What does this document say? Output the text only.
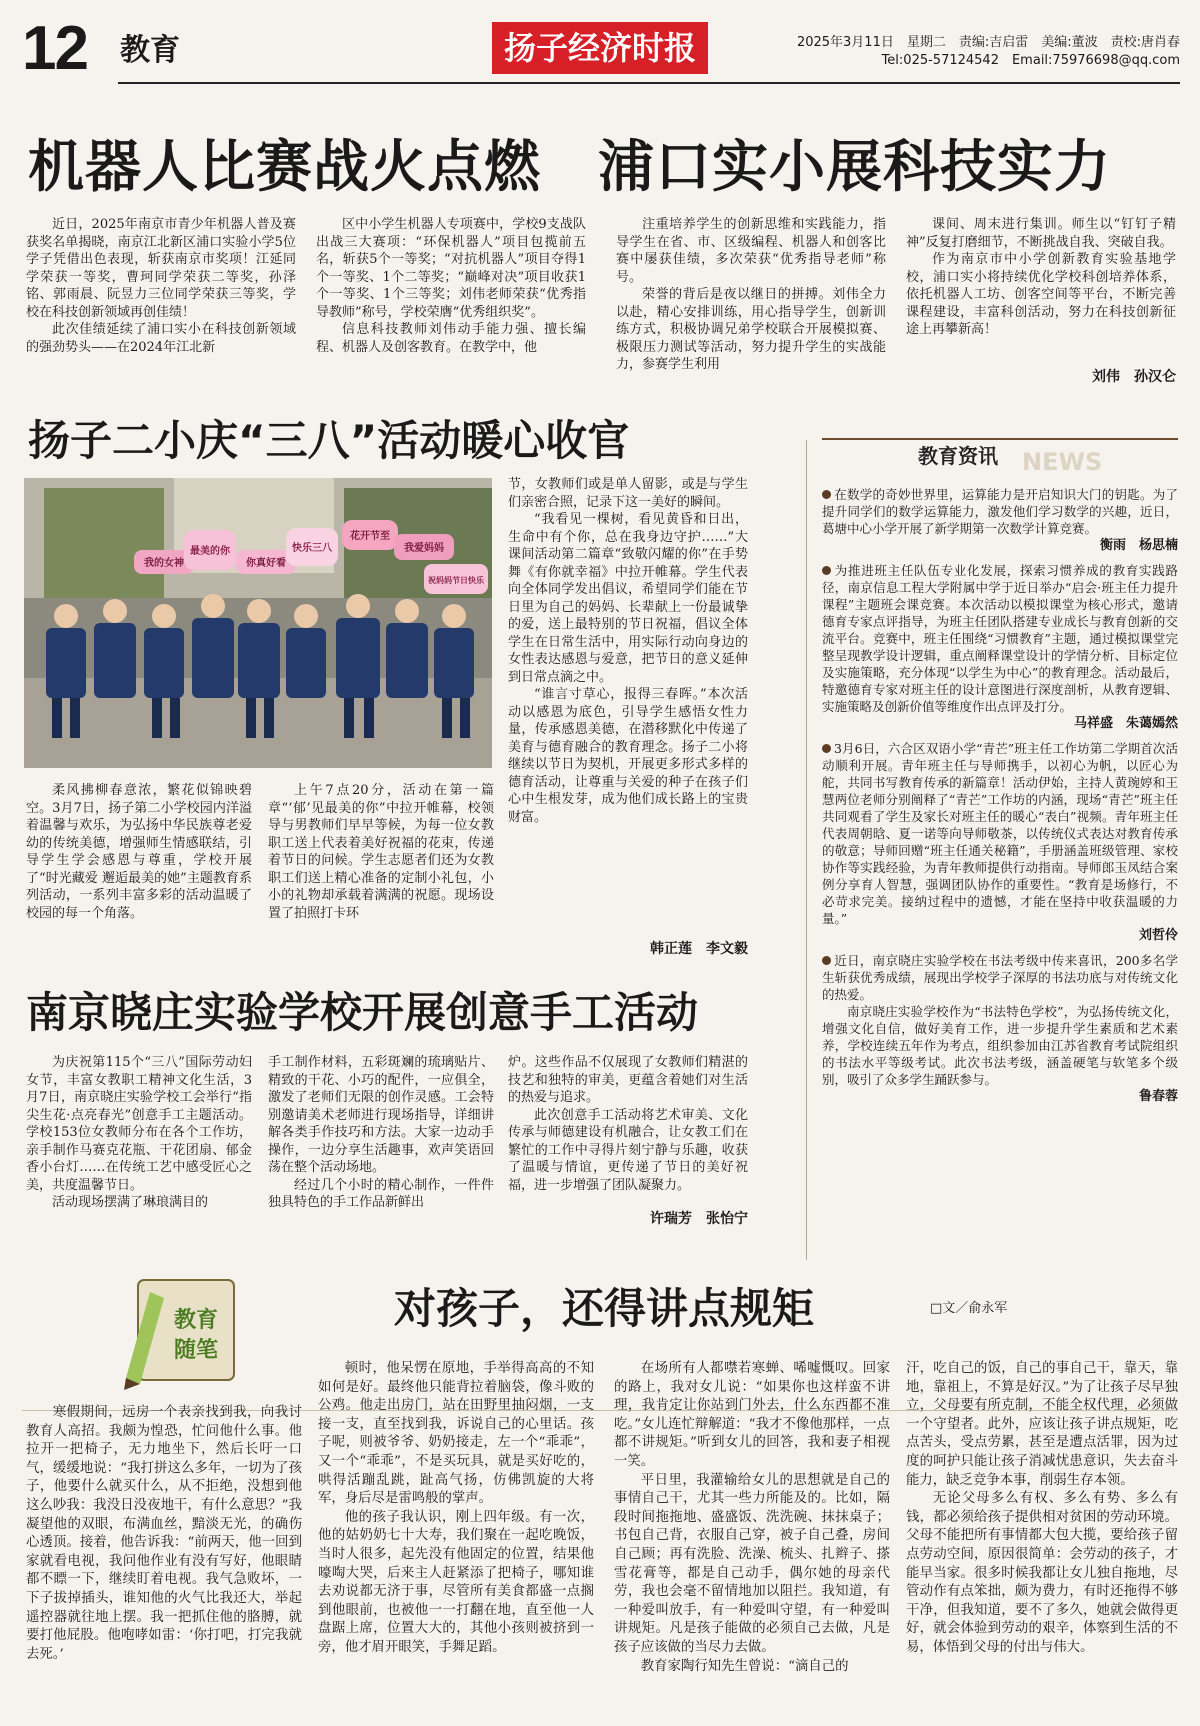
12 教育	扬子经济时报	2025年3月11日　星期二　责编:吉启雷　美编:董波　责校:唐肖春
Tel:025-57124542　Email:75976698@qq.com
机器人比赛战火点燃　浦口实小展科技实力

近日，2025年南京市青少年机器人普及赛获奖名单揭晓，南京江北新区浦口实验小学5位学子凭借出色表现，斩获南京市奖项！江延同学荣获一等奖，曹珂同学荣获二等奖，孙泽铭、郭雨晨、阮昱力三位同学荣获三等奖，学校在科技创新领域再创佳绩！

此次佳绩延续了浦口实小在科技创新领域的强劲势头——在2024年江北新

区中小学生机器人专项赛中，学校9支战队出战三大赛项：“环保机器人”项目包揽前五名，斩获5个一等奖；“对抗机器人”项目夺得1个一等奖、1个二等奖；“巅峰对决”项目收获1个一等奖、1个三等奖；刘伟老师荣获“优秀指导教师”称号，学校荣膺“优秀组织奖”。

信息科技教师刘伟动手能力强、擅长编程、机器人及创客教育。在教学中，他

注重培养学生的创新思维和实践能力，指导学生在省、市、区级编程、机器人和创客比赛中屡获佳绩，多次荣获“优秀指导老师”称号。

荣誉的背后是夜以继日的拼搏。刘伟全力以赴，精心安排训练，用心指导学生，创新训练方式，积极协调兄弟学校联合开展模拟赛、极限压力测试等活动，努力提升学生的实战能力，参赛学生利用

课间、周末进行集训。师生以“钉钉子精神”反复打磨细节，不断挑战自我、突破自我。

作为南京市中小学创新教育实验基地学校，浦口实小将持续优化学校科创培养体系，依托机器人工坊、创客空间等平台，不断完善课程建设，丰富科创活动，努力在科技创新征途上再攀新高！

刘伟　孙汉仑
扬子二小庆“三八”活动暖心收官
我的女神
最美的你
你真好看
快乐三八
花开节至
我爱妈妈
祝妈妈节日快乐

节，女教师们或是单人留影，或是与学生们亲密合照，记录下这一美好的瞬间。

“我看见一棵树，看见黄昏和日出，生命中有个你，总在我身边守护……”大课间活动第二篇章“致敬闪耀的你”在手势舞《有你就幸福》中拉开帷幕。学生代表向全体同学发出倡议，希望同学们能在节日里为自己的妈妈、长辈献上一份最诚挚的爱，送上最特别的节日祝福，倡议全体学生在日常生活中，用实际行动向身边的女性表达感恩与爱意，把节日的意义延伸到日常点滴之中。

“谁言寸草心，报得三春晖。”本次活动以感恩为底色，引导学生感悟女性力量，传承感恩美德，在潜移默化中传递了美育与德育融合的教育理念。扬子二小将继续以节日为契机，开展更多形式多样的德育活动，让尊重与关爱的种子在孩子们心中生根发芽，成为他们成长路上的宝贵财富。

柔风拂柳春意浓，繁花似锦映碧空。3月7日，扬子第二小学校园内洋溢着温馨与欢乐，为弘扬中华民族尊老爱幼的传统美德，增强师生情感联结，引导学生学会感恩与尊重，学校开展了“时光藏爱 邂逅最美的她”主题教育系列活动，一系列丰富多彩的活动温暖了校园的每一个角落。

上午7点20分，活动在第一篇章“‘郁’见最美的你”中拉开帷幕，校领导与男教师们早早等候，为每一位女教职工送上代表着美好祝福的花束，传递着节日的问候。学生志愿者们还为女教职工们送上精心准备的定制小礼包，小小的礼物却承载着满满的祝愿。现场设置了拍照打卡环

韩正莲　李文毅
南京晓庄实验学校开展创意手工活动

为庆祝第115个“三八”国际劳动妇女节，丰富女教职工精神文化生活，3月7日，南京晓庄实验学校工会举行“指尖生花·点亮春光”创意手工主题活动。学校153位女教师分布在各个工作坊，亲手制作马赛克花瓶、干花团扇、郁金香小台灯……在传统工艺中感受匠心之美，共度温馨节日。

活动现场摆满了琳琅满目的

手工制作材料，五彩斑斓的琉璃贴片、精致的干花、小巧的配件，一应俱全，激发了老师们无限的创作灵感。工会特别邀请美术老师进行现场指导，详细讲解各类手作技巧和方法。大家一边动手操作，一边分享生活趣事，欢声笑语回荡在整个活动场地。

经过几个小时的精心制作，一件件独具特色的手工作品新鲜出

炉。这些作品不仅展现了女教师们精湛的技艺和独特的审美，更蕴含着她们对生活的热爱与追求。

此次创意手工活动将艺术审美、文化传承与师德建设有机融合，让女教工们在繁忙的工作中寻得片刻宁静与乐趣，收获了温暖与情谊，更传递了节日的美好祝福，进一步增强了团队凝聚力。

许瑞芳　张怡宁
教育资讯 NEWS
在数学的奇妙世界里，运算能力是开启知识大门的钥匙。为了提升同学们的数学运算能力，激发他们学习数学的兴趣，近日，葛塘中心小学开展了新学期第一次数学计算竞赛。
衡雨　杨思楠
为推进班主任队伍专业化发展，探索习惯养成的教育实践路径，南京信息工程大学附属中学于近日举办“启会·班主任力提升课程”主题班会课竞赛。本次活动以模拟课堂为核心形式，邀请德育专家点评指导，为班主任团队搭建专业成长与教育创新的交流平台。竞赛中，班主任围绕“习惯教育”主题，通过模拟课堂完整呈现教学设计逻辑，重点阐释课堂设计的学情分析、目标定位及实施策略，充分体现“以学生为中心”的教育理念。活动最后，特邀德育专家对班主任的设计意图进行深度剖析，从教育逻辑、实施策略及创新价值等维度作出点评及打分。
马祥盛　朱蔼嫣然
3月6日，六合区双语小学“青芒”班主任工作坊第二学期首次活动顺利开展。青年班主任与导师携手，以初心为帆，以匠心为舵，共同书写教育传承的新篇章！活动伊始，主持人黄琬婷和王慧两位老师分别阐释了“青芒”工作坊的内涵，现场“青芒”班主任共同观看了学生及家长对班主任的暖心“表白”视频。青年班主任代表周朝晗、夏一诺等向导师敬茶，以传统仪式表达对教育传承的敬意；导师回赠“班主任通关秘籍”，手册涵盖班级管理、家校协作等实践经验，为青年教师提供行动指南。导师郎玉凤结合案例分享育人智慧，强调团队协作的重要性。“教育是场修行，不必苛求完美。接纳过程中的遗憾，才能在坚持中收获温暖的力量。”
刘哲伶
近日，南京晓庄实验学校在书法考级中传来喜讯，200多名学生斩获优秀成绩，展现出学校学子深厚的书法功底与对传统文化的热爱。
南京晓庄实验学校作为“书法特色学校”，为弘扬传统文化，增强文化自信，做好美育工作，进一步提升学生素质和艺术素养，学校连续五年作为考点，组织参加由江苏省教育考试院组织的书法水平等级考试。此次书法考级，涵盖硬笔与软笔多个级别，吸引了众多学生踊跃参与。
鲁春蓉
教育随笔
对孩子，还得讲点规矩	□文／俞永军

寒假期间，远房一个表亲找到我，向我讨教育人高招。我颇为惶恐，忙问他什么事。他拉开一把椅子，无力地坐下，然后长吁一口气，缓缓地说：“我打拼这么多年，一切为了孩子，他要什么就买什么，从不拒绝，没想到他这么吵我：我没日没夜地干，有什么意思？”我凝望他的双眼，布满血丝，黯淡无光，的确伤心透顶。接着，他告诉我：“前两天，他一回到家就看电视，我问他作业有没有写好，他眼睛都不瞟一下，继续盯着电视。我气急败坏，一下子拔掉插头，谁知他的火气比我还大，举起遥控器就往地上摆。我一把抓住他的胳膊，就要打他屁股。他咆哮如雷：‘你打吧，打完我就去死。’

顿时，他呆愣在原地，手举得高高的不知如何是好。最终他只能背拉着脑袋，像斗败的公鸡。他走出房门，站在田野里抽闷烟，一支接一支，直至找到我，诉说自己的心里话。孩子呢，则被爷爷、奶奶接走，左一个“乖乖”，又一个“乖乖”，不是买玩具，就是买好吃的，哄得活蹦乱跳，趾高气扬，仿佛凯旋的大将军，身后尽是雷鸣般的掌声。

他的孩子我认识，刚上四年级。有一次，他的姑奶奶七十大寿，我们聚在一起吃晚饭，当时人很多，起先没有他固定的位置，结果他嚎啕大哭，后来主人赶紧添了把椅子，哪知谁去劝说都无济于事，尽管所有美食都盛一点搁到他眼前，也被他一一打翻在地，直至他一人盘踞上席，位置大大的，其他小孩则被挤到一旁，他才眉开眼笑，手舞足蹈。

在场所有人都噤若寒蝉、唏嘘慨叹。回家的路上，我对女儿说：“如果你也这样蛮不讲理，我肯定让你站到门外去，什么东西都不准吃。”女儿连忙辩解道：“我才不像他那样，一点都不讲规矩。”听到女儿的回答，我和妻子相视一笑。

平日里，我灌输给女儿的思想就是自己的事情自己干，尤其一些力所能及的。比如，隔段时间拖拖地、盛盛饭、洗洗碗、抹抹桌子；书包自己背，衣服自己穿，被子自己叠，房间自己顾；再有洗脸、洗澡、梳头、扎辫子、搽雪花膏等，都是自己动手，偶尔她的母亲代劳，我也会毫不留情地加以阻拦。我知道，有一种爱叫放手，有一种爱叫守望，有一种爱叫讲规矩。凡是孩子能做的必须自己去做，凡是孩子应该做的当尽力去做。

教育家陶行知先生曾说：“滴自己的

汗，吃自己的饭，自己的事自己干，靠天，靠地，靠祖上，不算是好汉。”为了让孩子尽早独立，父母要有所克制，不能全权代理，必须做一个守望者。此外，应该让孩子讲点规矩，吃点苦头，受点劳累，甚至是遭点活罪，因为过度的呵护只能让孩子消减忧患意识，失去奋斗能力，缺乏竞争本事，削弱生存本领。

无论父母多么有权、多么有势、多么有钱，都必须给孩子提供相对贫困的劳动环境。父母不能把所有事情都大包大揽，要给孩子留点劳动空间，原因很简单：会劳动的孩子，才能早当家。很多时候我都让女儿独自拖地，尽管动作有点笨拙，颇为费力，有时还拖得不够干净，但我知道，要不了多久，她就会做得更好，就会体验到劳动的艰辛，体察到生活的不易，体悟到父母的付出与伟大。
